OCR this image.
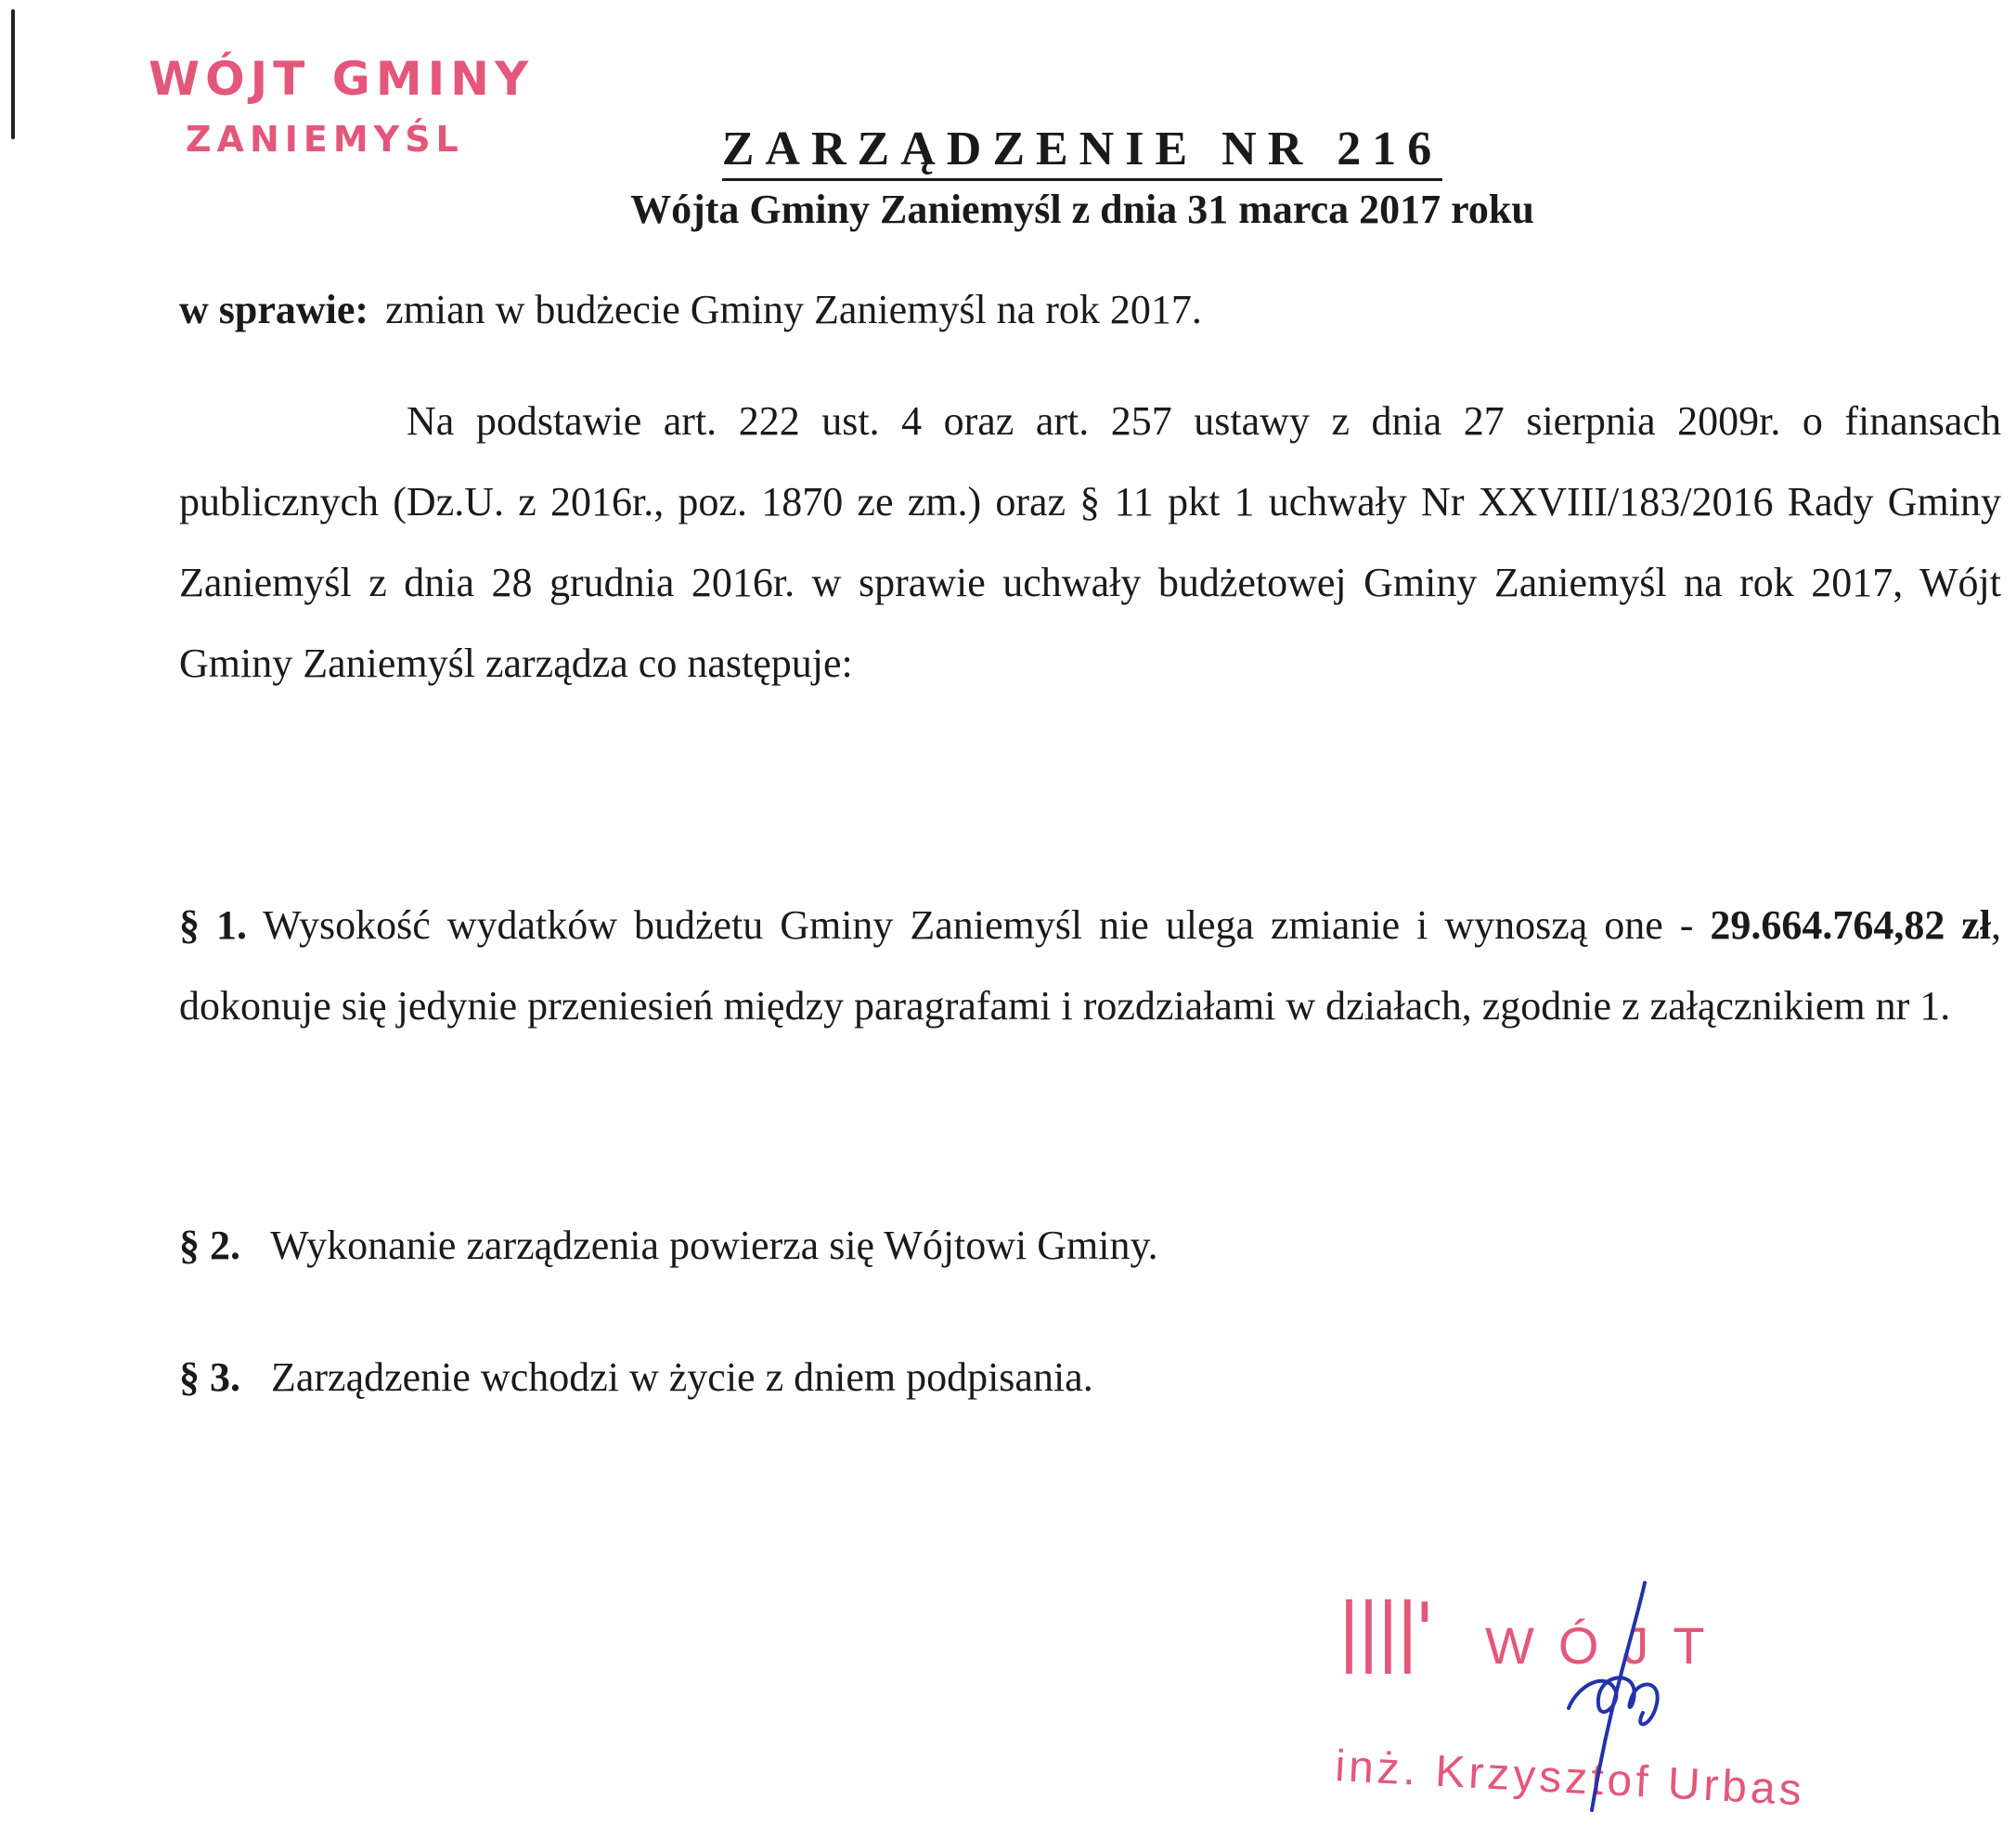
WÓJT GMINY
ZANIEMYŚL	ZARZĄDZENIE NR 216
Wójta Gminy Zaniemyśl z dnia 31 marca 2017 roku
w sprawie: zmian w budżecie Gminy Zaniemyśl na rok 2017.
Na podstawie art. 222 ust. 4 oraz art. 257 ustawy z dnia 27 sierpnia 2009r. o finansach publicznych (Dz.U. z 2016r., poz. 1870 ze zm.) oraz § 11 pkt 1 uchwały Nr XXVIII/183/2016 Rady Gminy Zaniemyśl z dnia 28 grudnia 2016r. w sprawie uchwały budżetowej Gminy Zaniemyśl na rok 2017, Wójt Gminy Zaniemyśl zarządza co następuje:
§ 1. Wysokość wydatków budżetu Gminy Zaniemyśl nie ulega zmianie i wynoszą one - 29.664.764,82 zł, dokonuje się jedynie przeniesień między paragrafami i rozdziałami w działach, zgodnie z załącznikiem nr 1.
§ 2. Wykonanie zarządzenia powierza się Wójtowi Gminy.
§ 3. Zarządzenie wchodzi w życie z dniem podpisania.
||||' WÓJT
inż. Krzysztof Urbas
